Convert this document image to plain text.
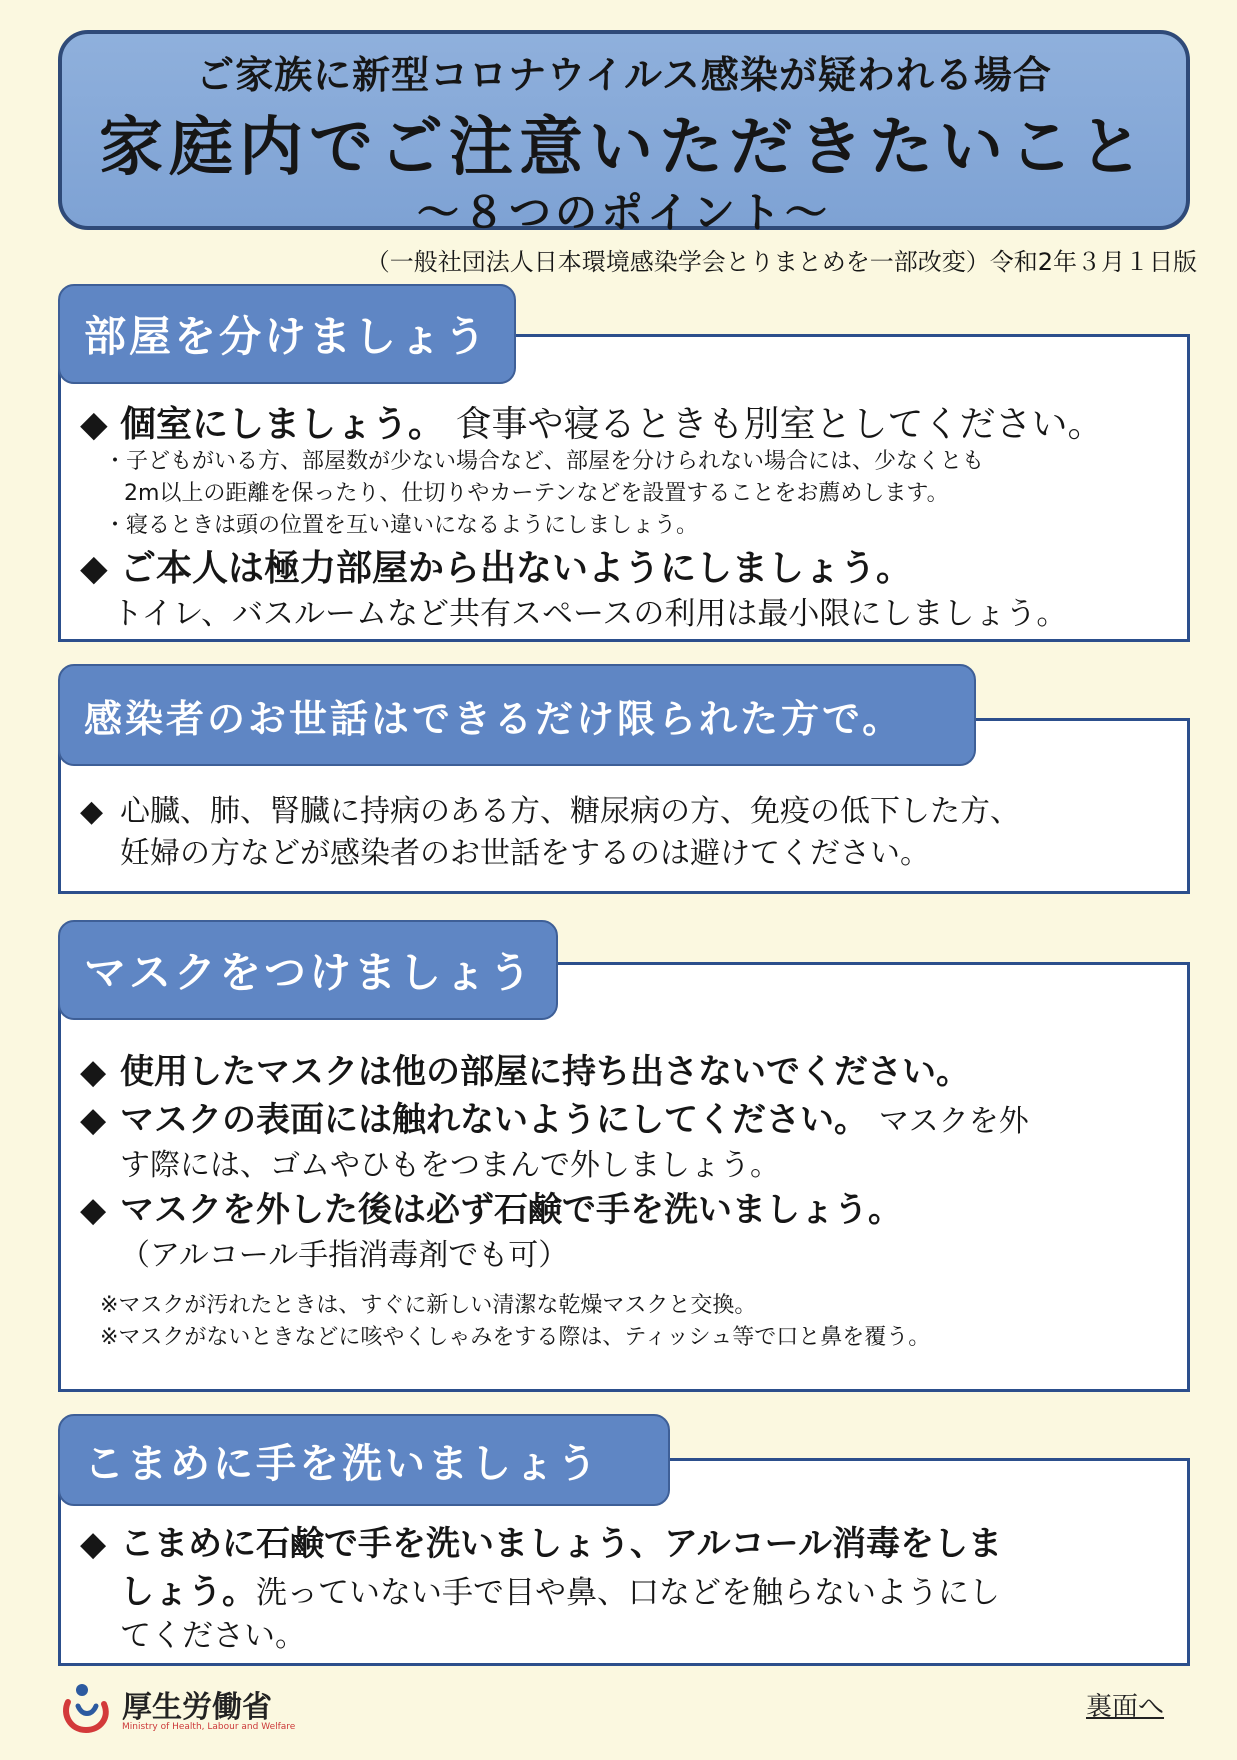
ご家族に新型コロナウイルス感染が疑われる場合
家庭内でご注意いただきたいこと
～８つのポイント～
（一般社団法人日本環境感染学会とりまとめを一部改変）令和2年３月１日版
部屋を分けましょう
◆ 個室にしましょう。 食事や寝るときも別室としてください。
・子どもがいる方、部屋数が少ない場合など、部屋を分けられない場合には、少なくとも
2m以上の距離を保ったり、仕切りやカーテンなどを設置することをお薦めします。
・寝るときは頭の位置を互い違いになるようにしましょう。
◆ ご本人は極力部屋から出ないようにしましょう。
トイレ、バスルームなど共有スペースの利用は最小限にしましょう。
感染者のお世話はできるだけ限られた方で。
◆ 心臓、肺、腎臓に持病のある方、糖尿病の方、免疫の低下した方、
妊婦の方などが感染者のお世話をするのは避けてください。
マスクをつけましょう
◆ 使用したマスクは他の部屋に持ち出さないでください。
◆ マスクの表面には触れないようにしてください。 マスクを外
す際には、ゴムやひもをつまんで外しましょう。
◆ マスクを外した後は必ず石鹸で手を洗いましょう。
（アルコール手指消毒剤でも可）
※マスクが汚れたときは、すぐに新しい清潔な乾燥マスクと交換。
※マスクがないときなどに咳やくしゃみをする際は、ティッシュ等で口と鼻を覆う。
こまめに手を洗いましょう
◆ こまめに石鹸で手を洗いましょう、アルコール消毒をしま
しょう。洗っていない手で目や鼻、口などを触らないようにし
てください。
厚生労働省
Ministry of Health, Labour and Welfare
裏面へ
